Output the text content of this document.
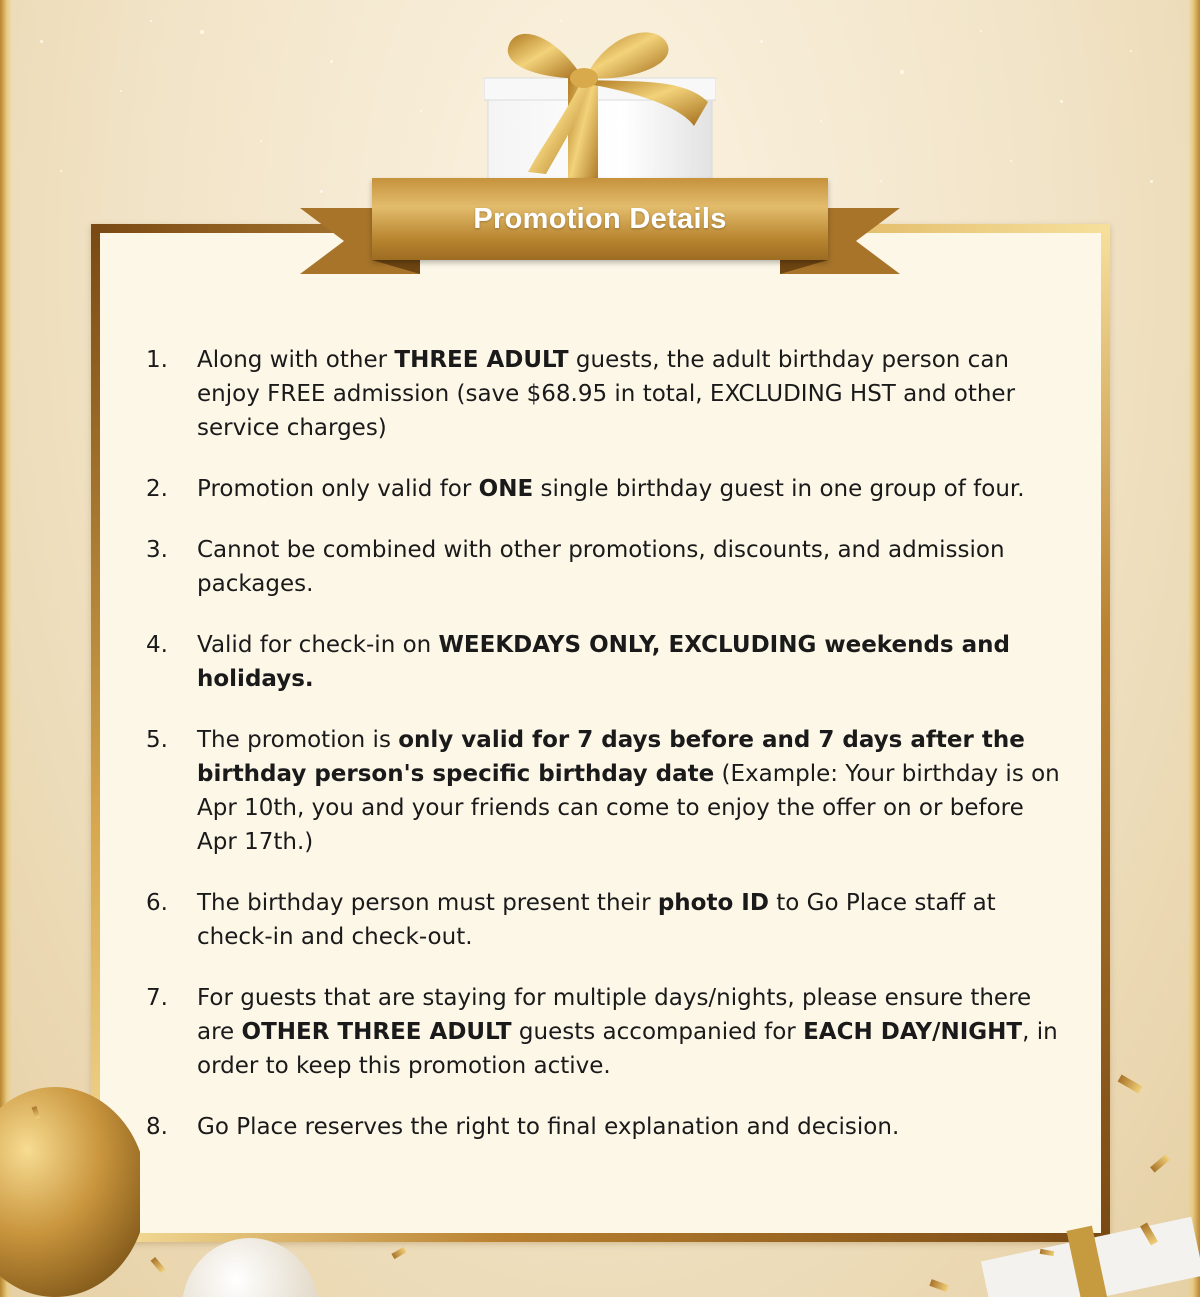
Promotion Details
1.	Along with other THREE ADULT guests, the adult birthday person can enjoy FREE admission (save $68.95 in total, EXCLUDING HST and other service charges)
2.	Promotion only valid for ONE single birthday guest in one group of four.
3.	Cannot be combined with other promotions, discounts, and admission packages.
4.	Valid for check-in on WEEKDAYS ONLY, EXCLUDING weekends and holidays.
5.	The promotion is only valid for 7 days before and 7 days after the birthday person's specific birthday date (Example: Your birthday is on Apr 10th, you and your friends can come to enjoy the offer on or before Apr 17th.)
6.	The birthday person must present their photo ID to Go Place staff at check-in and check-out.
7.	For guests that are staying for multiple days/nights, please ensure there are OTHER THREE ADULT guests accompanied for EACH DAY/NIGHT, in order to keep this promotion active.
8.	Go Place reserves the right to final explanation and decision.
